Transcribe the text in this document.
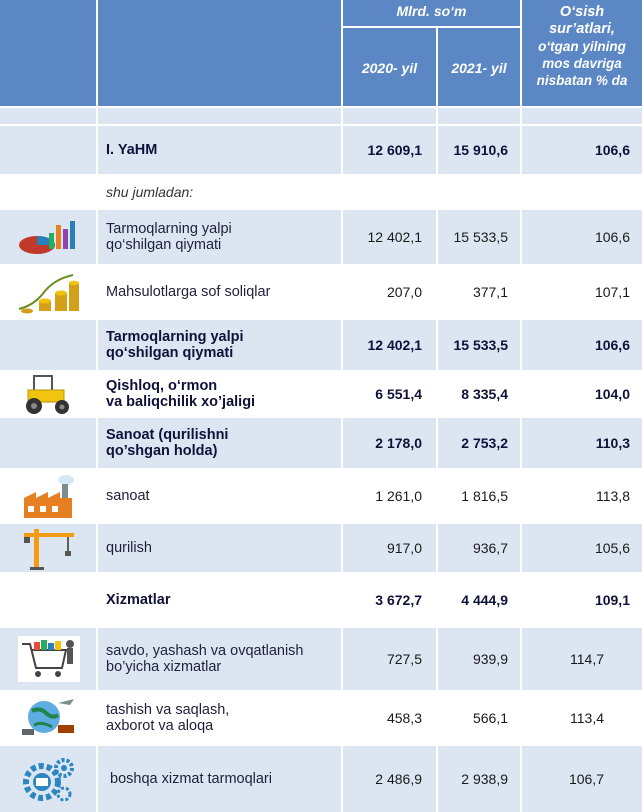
Mlrd. so‘m
2020- yil	2021- yil
O‘sish
sur’atlari,
o‘tgan yilning
mos davriga
nisbatan % da
I. YaHM	12 609,1	15 910,6	106,6
shu jumladan:
Tarmoqlarning yalpi
qo‘shilgan qiymati	12 402,1	15 533,5	106,6
Mahsulotlarga sof soliqlar	207,0	377,1	107,1
Tarmoqlarning yalpi
qo‘shilgan qiymati	12 402,1	15 533,5	106,6
Qishloq, o‘rmon
va baliqchilik xo’jaligi	6 551,4	8 335,4	104,0
Sanoat (qurilishni
qo’shgan holda)	2 178,0	2 753,2	110,3
sanoat	1 261,0	1 816,5	113,8
qurilish	917,0	936,7	105,6
Xizmatlar	3 672,7	4 444,9	109,1
savdo, yashash va ovqatlanish
bo’yicha xizmatlar	727,5	939,9	114,7
tashish va saqlash,
axborot va aloqa	458,3	566,1	113,4
boshqa xizmat tarmoqlari	2 486,9	2 938,9	106,7
